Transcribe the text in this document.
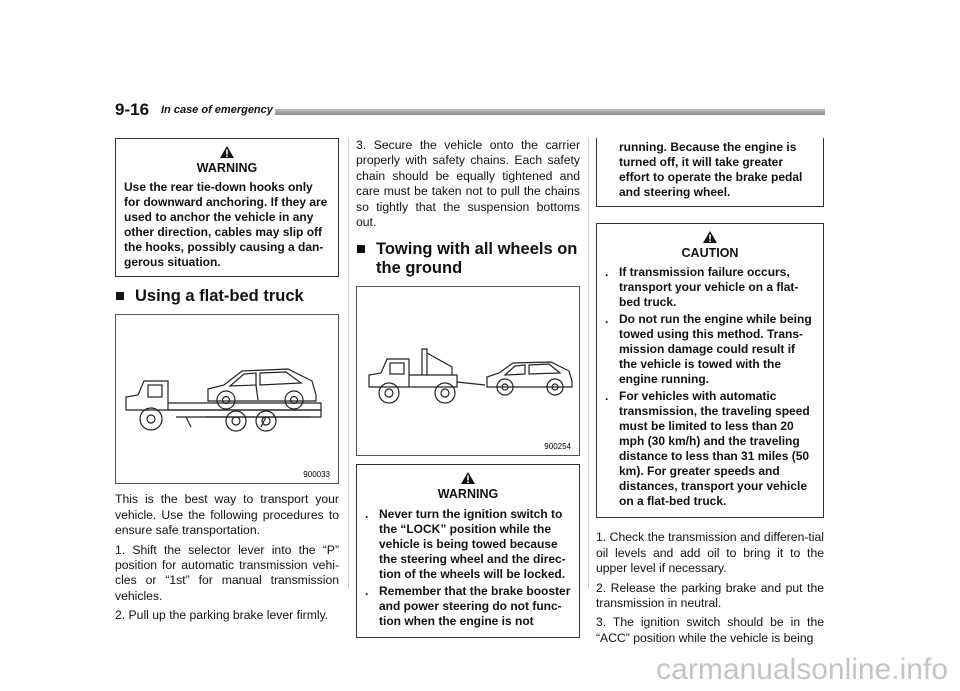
9-16 In case of emergency
WARNING

Use the rear tie-down hooks only for downward anchoring. If they are used to anchor the vehicle in any other direction, cables may slip off the hooks, possibly causing a dan-gerous situation.

■ Using a flat-bed truck
900033

This is the best way to transport your vehicle. Use the following procedures to ensure safe transportation.

1. Shift the selector lever into the “P” position for automatic transmission vehi-cles or “1st” for manual transmission vehicles.

2. Pull up the parking brake lever firmly.

3. Secure the vehicle onto the carrier properly with safety chains. Each safety chain should be equally tightened and care must be taken not to pull the chains so tightly that the suspension bottoms out.

■ Towing with all wheels on the ground
900254
WARNING
. Never turn the ignition switch to the “LOCK” position while the vehicle is being towed because the steering wheel and the direc-tion of the wheels will be locked.
. Remember that the brake booster and power steering do not func-tion when the engine is not

running. Because the engine is turned off, it will take greater effort to operate the brake pedal and steering wheel.

CAUTION
. If transmission failure occurs, transport your vehicle on a flat-bed truck.
. Do not run the engine while being towed using this method. Trans-mission damage could result if the vehicle is towed with the engine running.
. For vehicles with automatic transmission, the traveling speed must be limited to less than 20 mph (30 km/h) and the traveling distance to less than 31 miles (50 km). For greater speeds and distances, transport your vehicle on a flat-bed truck.

1. Check the transmission and differen-tial oil levels and add oil to bring it to the upper level if necessary.

2. Release the parking brake and put the transmission in neutral.

3. The ignition switch should be in the “ACC” position while the vehicle is being

carmanualsonline.info
